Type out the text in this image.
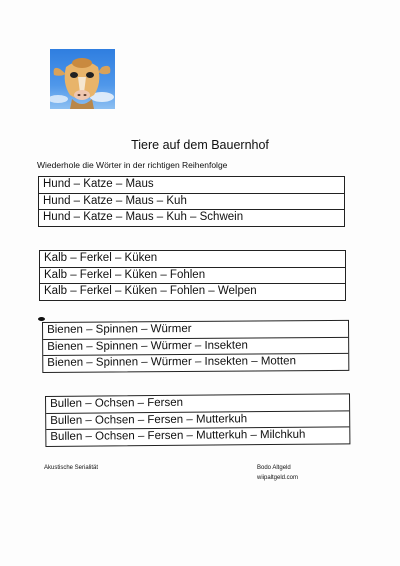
Tiere auf dem Bauernhof
Wiederhole die Wörter in der richtigen Reihenfolge
Hund – Katze – Maus
Hund – Katze – Maus – Kuh
Hund – Katze – Maus – Kuh – Schwein
Kalb – Ferkel – Küken
Kalb – Ferkel – Küken – Fohlen
Kalb – Ferkel – Küken – Fohlen – Welpen
Bienen – Spinnen – Würmer
Bienen – Spinnen – Würmer – Insekten
Bienen – Spinnen – Würmer – Insekten – Motten
Bullen – Ochsen – Fersen
Bullen – Ochsen – Fersen – Mutterkuh
Bullen – Ochsen – Fersen – Mutterkuh – Milchkuh
Akustische Serialität	Bodo Altgeld
wiipaltgeld.com
